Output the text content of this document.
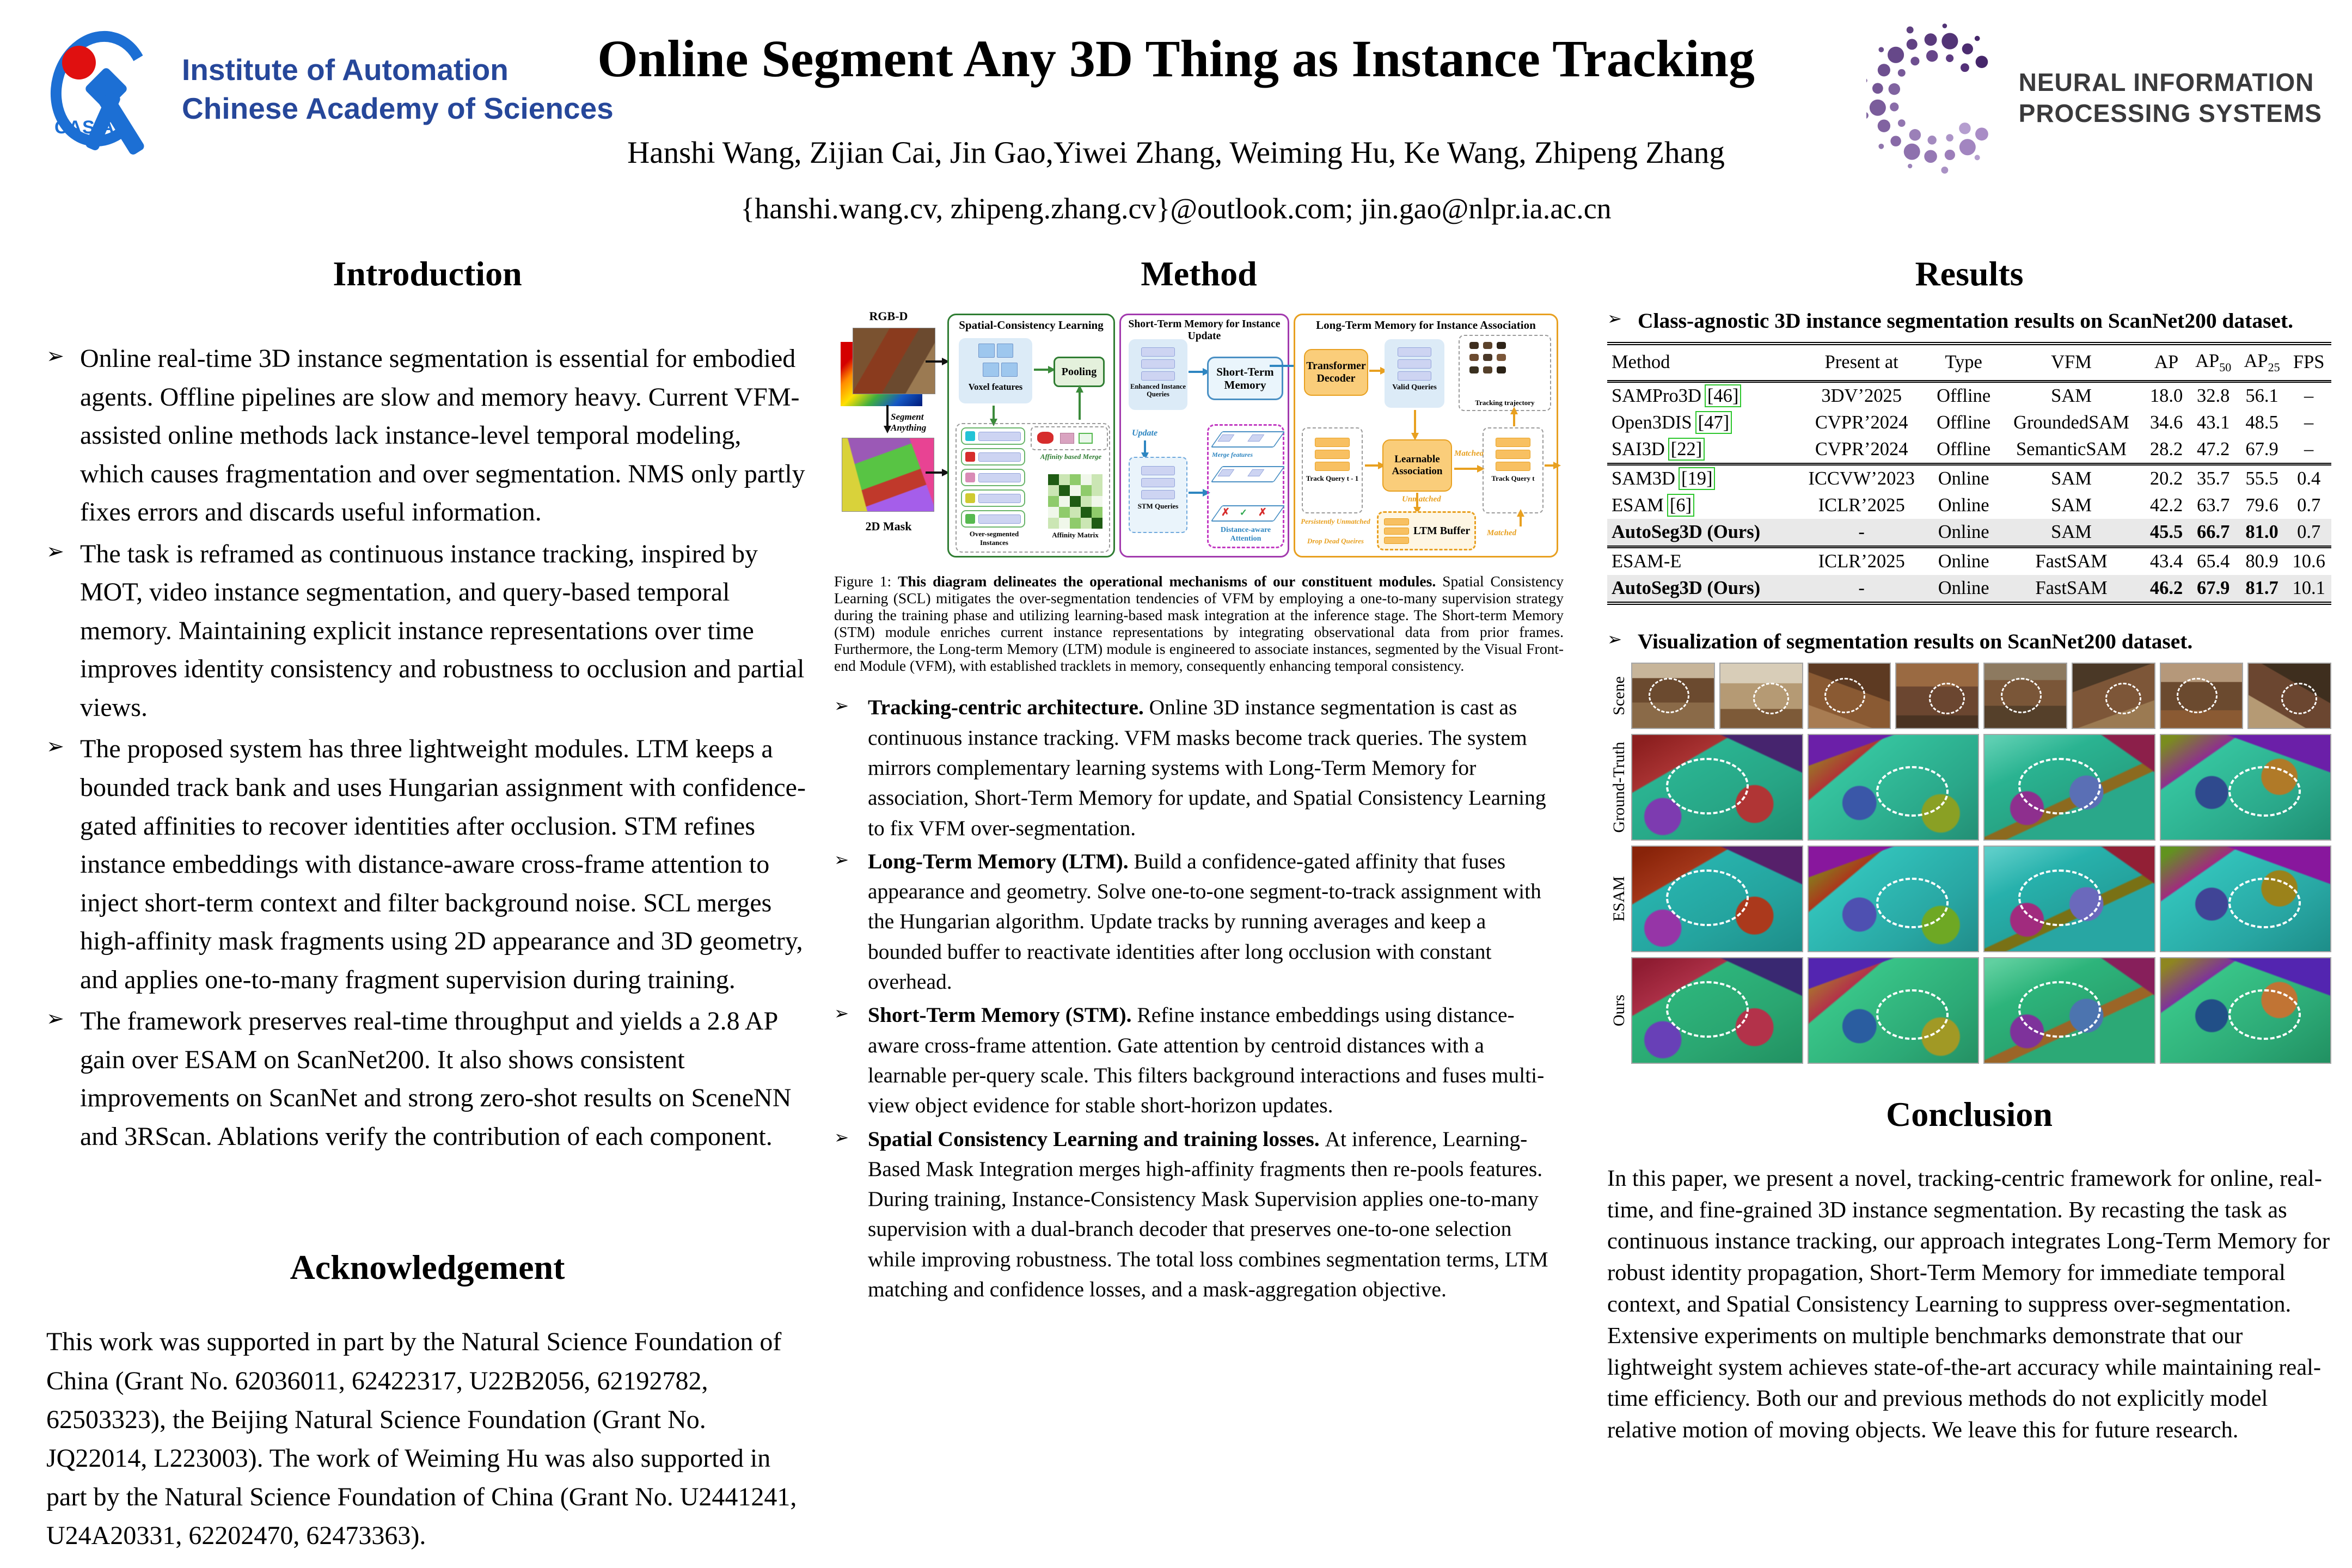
CASIA
Institute of Automation
Chinese Academy of Sciences
Online Segment Any 3D Thing as Instance Tracking
Hanshi Wang, Zijian Cai, Jin Gao,Yiwei Zhang, Weiming Hu, Ke Wang, Zhipeng Zhang
{hanshi.wang.cv, zhipeng.zhang.cv}@outlook.com; jin.gao@nlpr.ia.ac.cn
NEURAL INFORMATION
PROCESSING SYSTEMS
Introduction
➢ Online real-time 3D instance segmentation is essential for embodied agents. Offline pipelines are slow and memory heavy. Current VFM-assisted online methods lack instance-level temporal modeling, which causes fragmentation and over segmentation. NMS only partly fixes errors and discards useful information.
➢ The task is reframed as continuous instance tracking, inspired by MOT, video instance segmentation, and query-based temporal memory. Maintaining explicit instance representations over time improves identity consistency and robustness to occlusion and partial views.
➢ The proposed system has three lightweight modules. LTM keeps a bounded track bank and uses Hungarian assignment with confidence-gated affinities to recover identities after occlusion. STM refines instance embeddings with distance-aware cross-frame attention to inject short-term context and filter background noise. SCL merges high-affinity mask fragments using 2D appearance and 3D geometry, and applies one-to-many fragment supervision during training.
➢ The framework preserves real-time throughput and yields a 2.8 AP gain over ESAM on ScanNet200. It also shows consistent improvements on ScanNet and strong zero-shot results on SceneNN and 3RScan. Ablations verify the contribution of each component.
Acknowledgement

This work was supported in part by the Natural Science Foundation of China (Grant No. 62036011, 62422317, U22B2056, 62192782, 62503323), the Beijing Natural Science Foundation (Grant No. JQ22014, L223003). The work of Weiming Hu was also supported in part by the Natural Science Foundation of China (Grant No. U2441241, U24A20331, 62202470, 62473363).

Method
RGB-D
Segment Anything
2D Mask
Spatial-Consistency Learning

Voxel features
Pooling
Over-segmented Instances

Affinity based Merge
Affinity Matrix
Short-Term Memory for Instance Update
Enhanced Instance Queries
Short-Term Memory
Update
STM Queries
Merge features
✗ ✓ ✗
Distance-aware Attention
Long-Term Memory for Instance Association
Transformer Decoder
Valid Queries

Tracking trajectory
Track Query t - 1
Learnable Association
Matched
Track Query t
Unmatched
LTM Buffer
Persistently Unmatched
Drop Dead Queires
Matched

Figure 1: This diagram delineates the operational mechanisms of our constituent modules. Spatial Consistency Learning (SCL) mitigates the over-segmentation tendencies of VFM by employing a one-to-many supervision strategy during the training phase and utilizing learning-based mask integration at the inference stage. The Short-term Memory (STM) module enriches current instance representations by integrating observational data from prior frames. Furthermore, the Long-term Memory (LTM) module is engineered to associate instances, segmented by the Visual Front-end Module (VFM), with established tracklets in memory, consequently enhancing temporal consistency.

➢ Tracking-centric architecture. Online 3D instance segmentation is cast as continuous instance tracking. VFM masks become track queries. The system mirrors complementary learning systems with Long-Term Memory for association, Short-Term Memory for update, and Spatial Consistency Learning to fix VFM over-segmentation.
➢ Long-Term Memory (LTM). Build a confidence-gated affinity that fuses appearance and geometry. Solve one-to-one segment-to-track assignment with the Hungarian algorithm. Update tracks by running averages and keep a bounded buffer to reactivate identities after long occlusion with constant overhead.
➢ Short-Term Memory (STM). Refine instance embeddings using distance-aware cross-frame attention. Gate attention by centroid distances with a learnable per-query scale. This filters background interactions and fuses multi-view object evidence for stable short-horizon updates.
➢ Spatial Consistency Learning and training losses. At inference, Learning-Based Mask Integration merges high-affinity fragments then re-pools features. During training, Instance-Consistency Mask Supervision applies one-to-many supervision with a dual-branch decoder that preserves one-to-one selection while improving robustness. The total loss combines segmentation terms, LTM matching and confidence losses, and a mask-aggregation objective.
Results
➢ Class-agnostic 3D instance segmentation results on ScanNet200 dataset.
Method	Present at	Type	VFM	AP	$AP_{50}$	$AP_{25}$	FPS
SAMPro3D [46]	3DV’2025	Offline	SAM	18.0	32.8	56.1	–
Open3DIS [47]	CVPR’2024	Offline	GroundedSAM	34.6	43.1	48.5	–
SAI3D [22]	CVPR’2024	Offline	SemanticSAM	28.2	47.2	67.9	–
SAM3D [19]	ICCVW’2023	Online	SAM	20.2	35.7	55.5	0.4
ESAM [6]	ICLR’2025	Online	SAM	42.2	63.7	79.6	0.7
AutoSeg3D (Ours)	-	Online	SAM	45.5	66.7	81.0	0.7
ESAM-E	ICLR’2025	Online	FastSAM	43.4	65.4	80.9	10.6
AutoSeg3D (Ours)	-	Online	FastSAM	46.2	67.9	81.7	10.1
➢ Visualization of segmentation results on ScanNet200 dataset.
Scene
Ground-Truth
ESAM
Ours
Conclusion

In this paper, we present a novel, tracking-centric framework for online, real-time, and fine-grained 3D instance segmentation. By recasting the task as continuous instance tracking, our approach integrates Long-Term Memory for robust identity propagation, Short-Term Memory for immediate temporal context, and Spatial Consistency Learning to suppress over-segmentation. Extensive experiments on multiple benchmarks demonstrate that our lightweight system achieves state-of-the-art accuracy while maintaining real-time efficiency. Both our and previous methods do not explicitly model relative motion of moving objects. We leave this for future research.
